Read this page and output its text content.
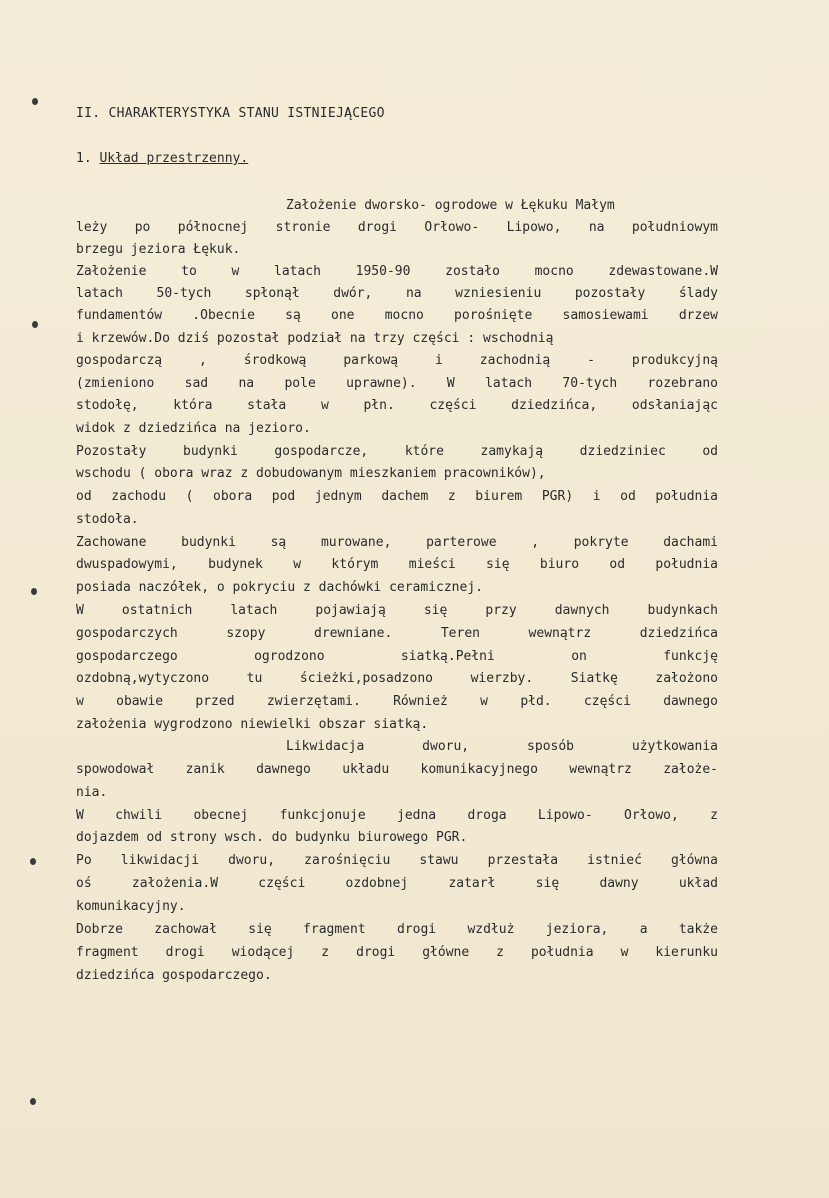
II. CHARAKTERYSTYKA STANU ISTNIEJĄCEGO
1. Układ przestrzenny.
Założenie dworsko- ogrodowe w Łękuku Małym
leży po północnej stronie drogi Orłowo- Lipowo, na południowym
brzegu jeziora Łękuk.
Założenie to w latach 1950-90 zostało mocno zdewastowane.W
latach 50-tych spłonął dwór, na wzniesieniu pozostały ślady
fundamentów .Obecnie są one mocno porośnięte samosiewami drzew
i krzewów.Do dziś pozostał podział na trzy części : wschodnią
gospodarczą , środkową parkową i zachodnią - produkcyjną
(zmieniono sad na pole uprawne). W latach 70-tych rozebrano
stodołę, która stała w płn. części dziedzińca, odsłaniając
widok z dziedzińca na jezioro.
Pozostały budynki gospodarcze, które zamykają dziedziniec od
wschodu ( obora wraz z dobudowanym mieszkaniem pracowników),
od zachodu ( obora pod jednym dachem z biurem PGR) i od południa
stodoła.
Zachowane budynki są murowane, parterowe , pokryte dachami
dwuspadowymi, budynek w którym mieści się biuro od południa
posiada naczółek, o pokryciu z dachówki ceramicznej.
W ostatnich latach pojawiają się przy dawnych budynkach
gospodarczych szopy drewniane. Teren wewnątrz dziedzińca
gospodarczego ogrodzono siatką.Pełni on funkcję
ozdobną,wytyczono tu ścieżki,posadzono wierzby. Siatkę założono
w obawie przed zwierzętami. Również w płd. części dawnego
założenia wygrodzono niewielki obszar siatką.
Likwidacja dworu, sposób użytkowania
spowodował zanik dawnego układu komunikacyjnego wewnątrz założe-
nia.
W chwili obecnej funkcjonuje jedna droga Lipowo- Orłowo, z
dojazdem od strony wsch. do budynku biurowego PGR.
Po likwidacji dworu, zarośnięciu stawu przestała istnieć główna
oś założenia.W części ozdobnej zatarł się dawny układ
komunikacyjny.
Dobrze zachował się fragment drogi wzdłuż jeziora, a także
fragment drogi wiodącej z drogi główne z południa w kierunku
dziedzińca gospodarczego.
